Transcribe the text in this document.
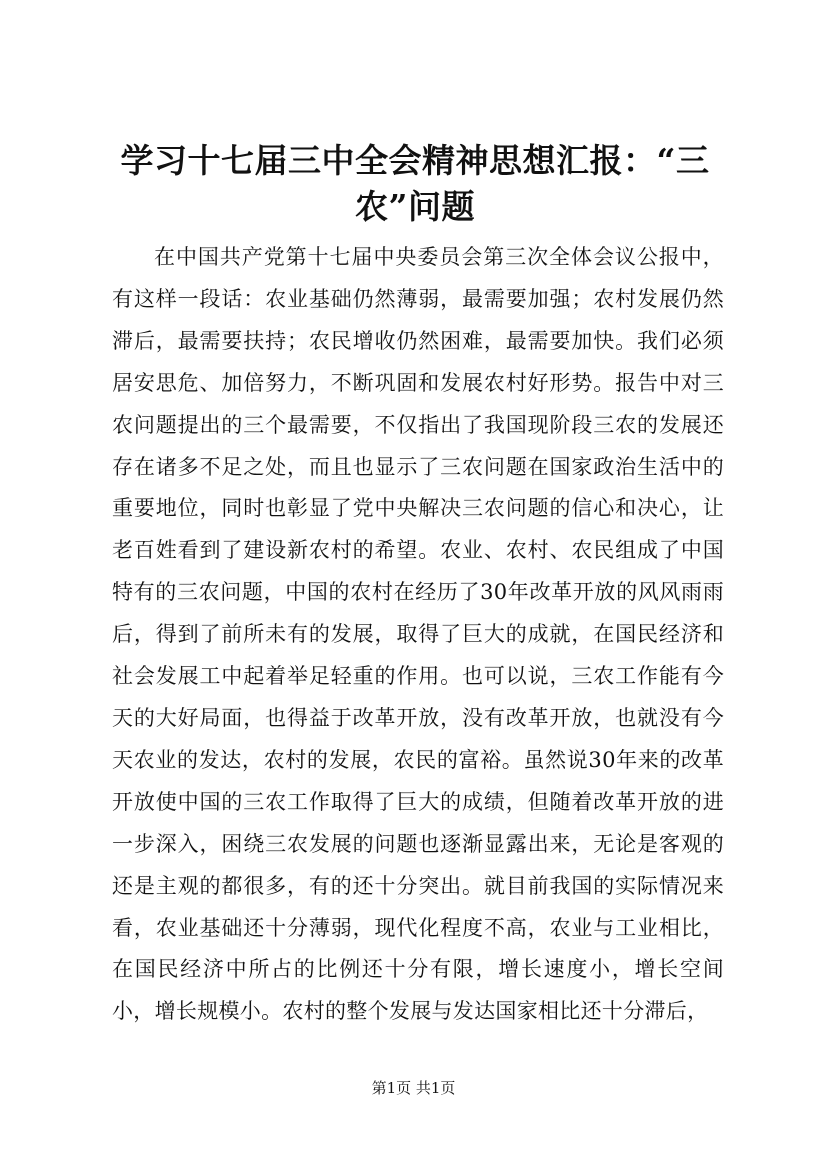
学习十七届三中全会精神思想汇报：“三农”问题

在中国共产党第十七届中央委员会第三次全体会议公报中，有这样一段话：农业基础仍然薄弱，最需要加强；农村发展仍然滞后，最需要扶持；农民增收仍然困难，最需要加快。我们必须居安思危、加倍努力，不断巩固和发展农村好形势。报告中对三农问题提出的三个最需要，不仅指出了我国现阶段三农的发展还存在诸多不足之处，而且也显示了三农问题在国家政治生活中的重要地位，同时也彰显了党中央解决三农问题的信心和决心，让老百姓看到了建设新农村的希望。农业、农村、农民组成了中国特有的三农问题，中国的农村在经历了30年改革开放的风风雨雨后，得到了前所未有的发展，取得了巨大的成就，在国民经济和社会发展工中起着举足轻重的作用。也可以说，三农工作能有今天的大好局面，也得益于改革开放，没有改革开放，也就没有今天农业的发达，农村的发展，农民的富裕。虽然说30年来的改革开放使中国的三农工作取得了巨大的成绩，但随着改革开放的进一步深入，困绕三农发展的问题也逐渐显露出来，无论是客观的还是主观的都很多，有的还十分突出。就目前我国的实际情况来看，农业基础还十分薄弱，现代化程度不高，农业与工业相比，在国民经济中所占的比例还十分有限，增长速度小，增长空间小，增长规模小。农村的整个发展与发达国家相比还十分滞后，

第1页 共1页
